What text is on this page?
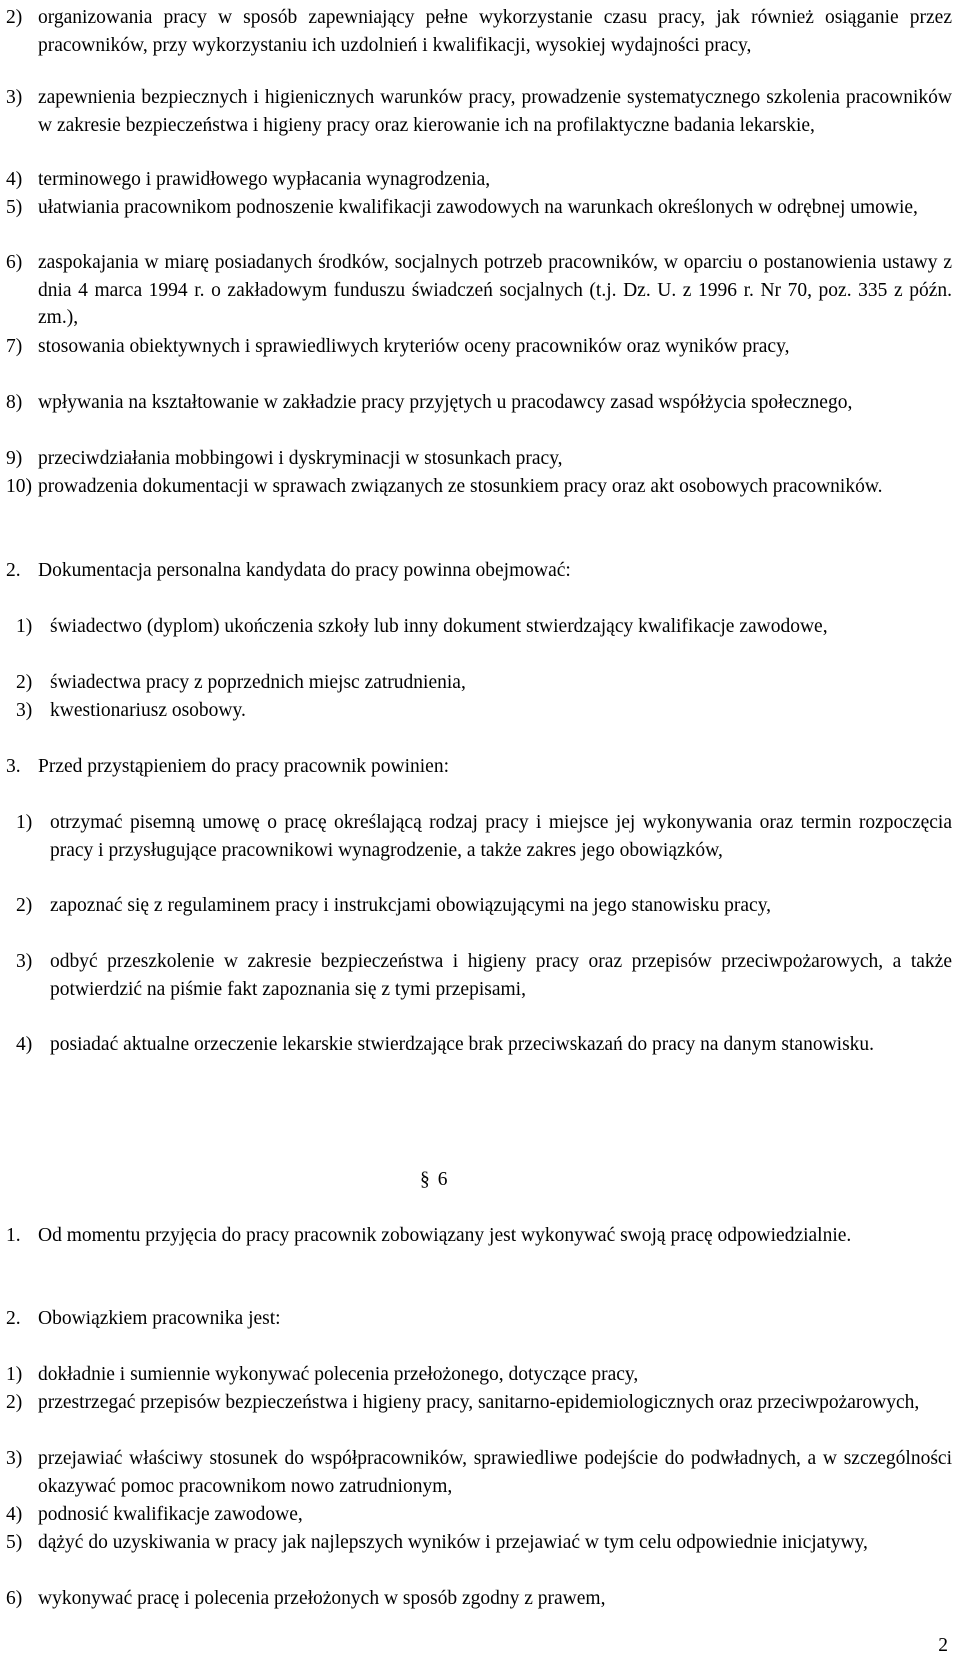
2) organizowania pracy w sposób zapewniający pełne wykorzystanie czasu pracy, jak również osiąganie przez pracowników, przy wykorzystaniu ich uzdolnień i kwalifikacji, wysokiej wydajności pracy,
3) zapewnienia bezpiecznych i higienicznych warunków pracy, prowadzenie systematycznego szkolenia pracowników w zakresie bezpieczeństwa i higieny pracy oraz kierowanie ich na profilaktyczne badania lekarskie,
4) terminowego i prawidłowego wypłacania wynagrodzenia,
5) ułatwiania pracownikom podnoszenie kwalifikacji zawodowych na warunkach określonych w odrębnej umowie,
6) zaspokajania w miarę posiadanych środków, socjalnych potrzeb pracowników, w oparciu o postanowienia ustawy z dnia 4 marca 1994 r. o zakładowym funduszu świadczeń socjalnych (t.j. Dz. U. z 1996 r. Nr 70, poz. 335 z późn. zm.),
7) stosowania obiektywnych i sprawiedliwych kryteriów oceny pracowników oraz wyników pracy,
8) wpływania na kształtowanie w zakładzie pracy przyjętych u pracodawcy zasad współżycia społecznego,
9) przeciwdziałania mobbingowi i dyskryminacji w stosunkach pracy,
10) prowadzenia dokumentacji w sprawach związanych ze stosunkiem pracy oraz akt osobowych pracowników.
2. Dokumentacja personalna kandydata do pracy powinna obejmować:
1) świadectwo (dyplom) ukończenia szkoły lub inny dokument stwierdzający kwalifikacje zawodowe,
2) świadectwa pracy z poprzednich miejsc zatrudnienia,
3) kwestionariusz osobowy.
3. Przed przystąpieniem do pracy pracownik powinien:
1) otrzymać pisemną umowę o pracę określającą rodzaj pracy i miejsce jej wykonywania oraz termin rozpoczęcia pracy i przysługujące pracownikowi wynagrodzenie, a także zakres jego obowiązków,
2) zapoznać się z regulaminem pracy i instrukcjami obowiązującymi na jego stanowisku pracy,
3) odbyć przeszkolenie w zakresie bezpieczeństwa i higieny pracy oraz przepisów przeciwpożarowych, a także potwierdzić na piśmie fakt zapoznania się z tymi przepisami,
4) posiadać aktualne orzeczenie lekarskie stwierdzające brak przeciwskazań do pracy na danym stanowisku.
§ 6
1. Od momentu przyjęcia do pracy pracownik zobowiązany jest wykonywać swoją pracę odpowiedzialnie.
2. Obowiązkiem pracownika jest:
1) dokładnie i sumiennie wykonywać polecenia przełożonego, dotyczące pracy,
2) przestrzegać przepisów bezpieczeństwa i higieny pracy, sanitarno-epidemiologicznych oraz przeciwpożarowych,
3) przejawiać właściwy stosunek do współpracowników, sprawiedliwe podejście do podwładnych, a w szczególności okazywać pomoc pracownikom nowo zatrudnionym,
4) podnosić kwalifikacje zawodowe,
5) dążyć do uzyskiwania w pracy jak najlepszych wyników i przejawiać w tym celu odpowiednie inicjatywy,
6) wykonywać pracę i polecenia przełożonych w sposób zgodny z prawem,
2
